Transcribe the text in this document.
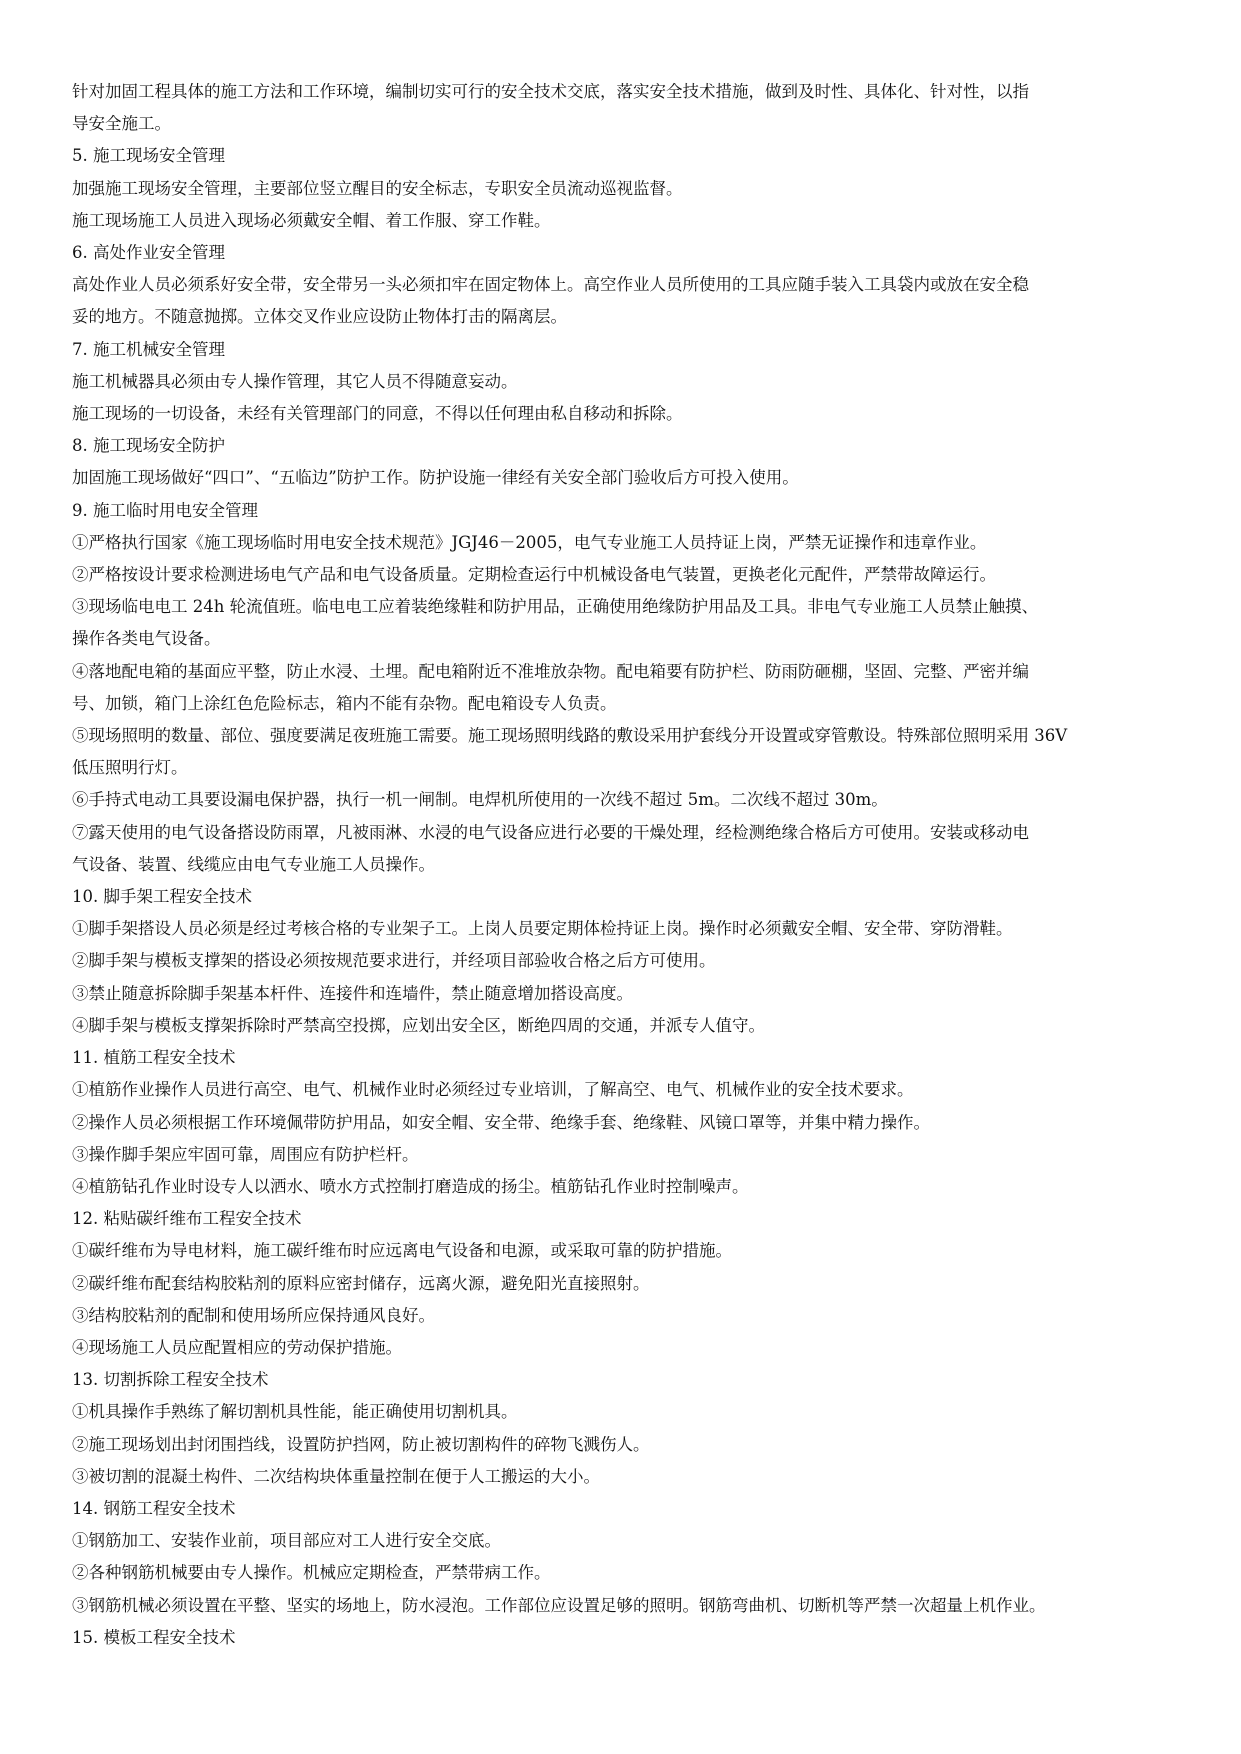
针对加固工程具体的施工方法和工作环境，编制切实可行的安全技术交底，落实安全技术措施，做到及时性、具体化、针对性，以指

导安全施工。

5. 施工现场安全管理

加强施工现场安全管理，主要部位竖立醒目的安全标志，专职安全员流动巡视监督。

施工现场施工人员进入现场必须戴安全帽、着工作服、穿工作鞋。

6. 高处作业安全管理

高处作业人员必须系好安全带，安全带另一头必须扣牢在固定物体上。高空作业人员所使用的工具应随手装入工具袋内或放在安全稳

妥的地方。不随意抛掷。立体交叉作业应设防止物体打击的隔离层。

7. 施工机械安全管理

施工机械器具必须由专人操作管理，其它人员不得随意妄动。

施工现场的一切设备，未经有关管理部门的同意，不得以任何理由私自移动和拆除。

8. 施工现场安全防护

加固施工现场做好“四口”、“五临边”防护工作。防护设施一律经有关安全部门验收后方可投入使用。

9. 施工临时用电安全管理

①严格执行国家《施工现场临时用电安全技术规范》JGJ46－2005，电气专业施工人员持证上岗，严禁无证操作和违章作业。

②严格按设计要求检测进场电气产品和电气设备质量。定期检查运行中机械设备电气装置，更换老化元配件，严禁带故障运行。

③现场临电电工 24h 轮流值班。临电电工应着装绝缘鞋和防护用品，正确使用绝缘防护用品及工具。非电气专业施工人员禁止触摸、

操作各类电气设备。

④落地配电箱的基面应平整，防止水浸、土埋。配电箱附近不准堆放杂物。配电箱要有防护栏、防雨防砸棚，坚固、完整、严密并编

号、加锁，箱门上涂红色危险标志，箱内不能有杂物。配电箱设专人负责。

⑤现场照明的数量、部位、强度要满足夜班施工需要。施工现场照明线路的敷设采用护套线分开设置或穿管敷设。特殊部位照明采用 36V

低压照明行灯。

⑥手持式电动工具要设漏电保护器，执行一机一闸制。电焊机所使用的一次线不超过 5m。二次线不超过 30m。

⑦露天使用的电气设备搭设防雨罩，凡被雨淋、水浸的电气设备应进行必要的干燥处理，经检测绝缘合格后方可使用。安装或移动电

气设备、装置、线缆应由电气专业施工人员操作。

10. 脚手架工程安全技术

①脚手架搭设人员必须是经过考核合格的专业架子工。上岗人员要定期体检持证上岗。操作时必须戴安全帽、安全带、穿防滑鞋。

②脚手架与模板支撑架的搭设必须按规范要求进行，并经项目部验收合格之后方可使用。

③禁止随意拆除脚手架基本杆件、连接件和连墙件，禁止随意增加搭设高度。

④脚手架与模板支撑架拆除时严禁高空投掷，应划出安全区，断绝四周的交通，并派专人值守。

11. 植筋工程安全技术

①植筋作业操作人员进行高空、电气、机械作业时必须经过专业培训，了解高空、电气、机械作业的安全技术要求。

②操作人员必须根据工作环境佩带防护用品，如安全帽、安全带、绝缘手套、绝缘鞋、风镜口罩等，并集中精力操作。

③操作脚手架应牢固可靠，周围应有防护栏杆。

④植筋钻孔作业时设专人以洒水、喷水方式控制打磨造成的扬尘。植筋钻孔作业时控制噪声。

12. 粘贴碳纤维布工程安全技术

①碳纤维布为导电材料，施工碳纤维布时应远离电气设备和电源，或采取可靠的防护措施。

②碳纤维布配套结构胶粘剂的原料应密封储存，远离火源，避免阳光直接照射。

③结构胶粘剂的配制和使用场所应保持通风良好。

④现场施工人员应配置相应的劳动保护措施。

13. 切割拆除工程安全技术

①机具操作手熟练了解切割机具性能，能正确使用切割机具。

②施工现场划出封闭围挡线，设置防护挡网，防止被切割构件的碎物飞溅伤人。

③被切割的混凝土构件、二次结构块体重量控制在便于人工搬运的大小。

14. 钢筋工程安全技术

①钢筋加工、安装作业前，项目部应对工人进行安全交底。

②各种钢筋机械要由专人操作。机械应定期检查，严禁带病工作。

③钢筋机械必须设置在平整、坚实的场地上，防水浸泡。工作部位应设置足够的照明。钢筋弯曲机、切断机等严禁一次超量上机作业。

15. 模板工程安全技术
